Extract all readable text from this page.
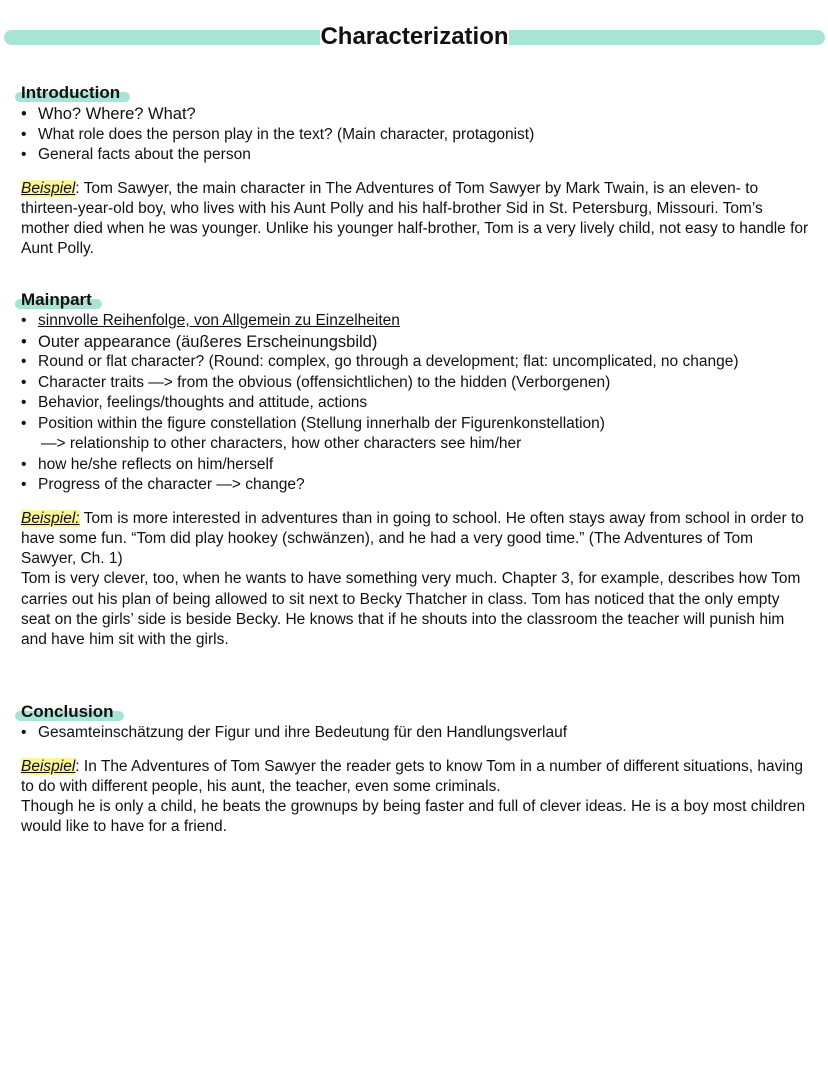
Characterization
Introduction
• Who? Where? What?
• What role does the person play in the text? (Main character, protagonist)
• General facts about the person

Beispiel: Tom Sawyer, the main character in The Adventures of Tom Sawyer by Mark Twain, is an eleven- to thirteen-year-old boy, who lives with his Aunt Polly and his half-brother Sid in St. Petersburg, Missouri. Tom’s mother died when he was younger. Unlike his younger half-brother, Tom is a very lively child, not easy to handle for Aunt Polly.

Mainpart
• sinnvolle Reihenfolge, von Allgemein zu Einzelheiten
• Outer appearance (äußeres Erscheinungsbild)
• Round or flat character? (Round: complex, go through a development; flat: uncomplicated, no change)
• Character traits —> from the obvious (offensichtlichen) to the hidden (Verborgenen)
• Behavior, feelings/thoughts and attitude, actions
• Position within the figure constellation (Stellung innerhalb der Figurenkonstellation)
—> relationship to other characters, how other characters see him/her
• how he/she reflects on him/herself
• Progress of the character —> change?

Beispiel: Tom is more interested in adventures than in going to school. He often stays away from school in order to have some fun. “Tom did play hookey (schwänzen), and he had a very good time.” (The Adventures of Tom Sawyer, Ch. 1)

Tom is very clever, too, when he wants to have something very much. Chapter 3, for example, describes how Tom carries out his plan of being allowed to sit next to Becky Thatcher in class. Tom has noticed that the only empty seat on the girls’ side is beside Becky. He knows that if he shouts into the classroom the teacher will punish him and have him sit with the girls.

Conclusion
• Gesamteinschätzung der Figur und ihre Bedeutung für den Handlungsverlauf

Beispiel: In The Adventures of Tom Sawyer the reader gets to know Tom in a number of different situations, having to do with different people, his aunt, the teacher, even some criminals.

Though he is only a child, he beats the grownups by being faster and full of clever ideas. He is a boy most children would like to have for a friend.
